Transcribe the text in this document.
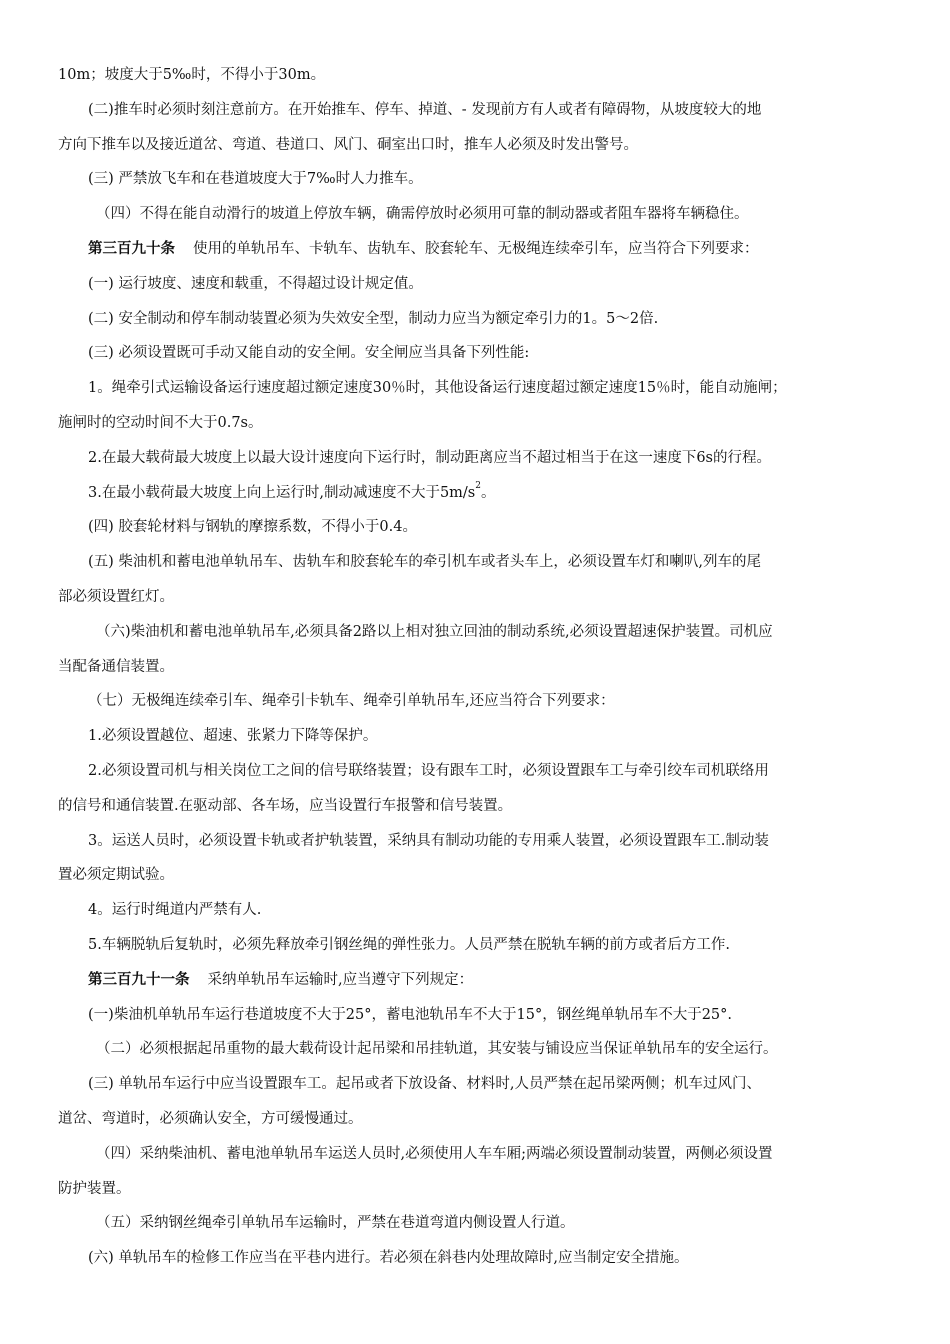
10m；坡度大于5‰时，不得小于30m。
(二)推车时必须时刻注意前方。在开始推车、停车、掉道、- 发现前方有人或者有障碍物，从坡度较大的地
方向下推车以及接近道岔、弯道、巷道口、风门、硐室出口时，推车人必须及时发出警号。
(三) 严禁放飞车和在巷道坡度大于7‰时人力推车。
（四）不得在能自动滑行的坡道上停放车辆，确需停放时必须用可靠的制动器或者阻车器将车辆稳住。
第三百九十条 使用的单轨吊车、卡轨车、齿轨车、胶套轮车、无极绳连续牵引车，应当符合下列要求：
(一) 运行坡度、速度和载重，不得超过设计规定值。
(二) 安全制动和停车制动装置必须为失效安全型，制动力应当为额定牵引力的1。5～2倍.
(三) 必须设置既可手动又能自动的安全闸。安全闸应当具备下列性能:
1。绳牵引式运输设备运行速度超过额定速度30％时，其他设备运行速度超过额定速度15％时，能自动施闸；
施闸时的空动时间不大于0.7s。
2.在最大载荷最大坡度上以最大设计速度向下运行时，制动距离应当不超过相当于在这一速度下6s的行程。
3.在最小载荷最大坡度上向上运行时,制动减速度不大于$5m/s^2$。
(四) 胶套轮材料与钢轨的摩擦系数，不得小于0.4。
(五) 柴油机和蓄电池单轨吊车、齿轨车和胶套轮车的牵引机车或者头车上，必须设置车灯和喇叭,列车的尾
部必须设置红灯。
（六)柴油机和蓄电池单轨吊车,必须具备2路以上相对独立回油的制动系统,必须设置超速保护装置。司机应
当配备通信装置。
（七）无极绳连续牵引车、绳牵引卡轨车、绳牵引单轨吊车,还应当符合下列要求：
1.必须设置越位、超速、张紧力下降等保护。
2.必须设置司机与相关岗位工之间的信号联络装置；设有跟车工时，必须设置跟车工与牵引绞车司机联络用
的信号和通信装置.在驱动部、各车场，应当设置行车报警和信号装置。
3。运送人员时，必须设置卡轨或者护轨装置，采纳具有制动功能的专用乘人装置，必须设置跟车工.制动装
置必须定期试验。
4。运行时绳道内严禁有人.
5.车辆脱轨后复轨时，必须先释放牵引钢丝绳的弹性张力。人员严禁在脱轨车辆的前方或者后方工作.
第三百九十一条 采纳单轨吊车运输时,应当遵守下列规定：
(一)柴油机单轨吊车运行巷道坡度不大于25°，蓄电池轨吊车不大于15°，钢丝绳单轨吊车不大于25°.
（二）必须根据起吊重物的最大载荷设计起吊梁和吊挂轨道，其安装与铺设应当保证单轨吊车的安全运行。
(三) 单轨吊车运行中应当设置跟车工。起吊或者下放设备、材料时,人员严禁在起吊梁两侧；机车过风门、
道岔、弯道时，必须确认安全，方可缓慢通过。
（四）采纳柴油机、蓄电池单轨吊车运送人员时,必须使用人车车厢;两端必须设置制动装置，两侧必须设置
防护装置。
（五）采纳钢丝绳牵引单轨吊车运输时，严禁在巷道弯道内侧设置人行道。
(六) 单轨吊车的检修工作应当在平巷内进行。若必须在斜巷内处理故障时,应当制定安全措施。
